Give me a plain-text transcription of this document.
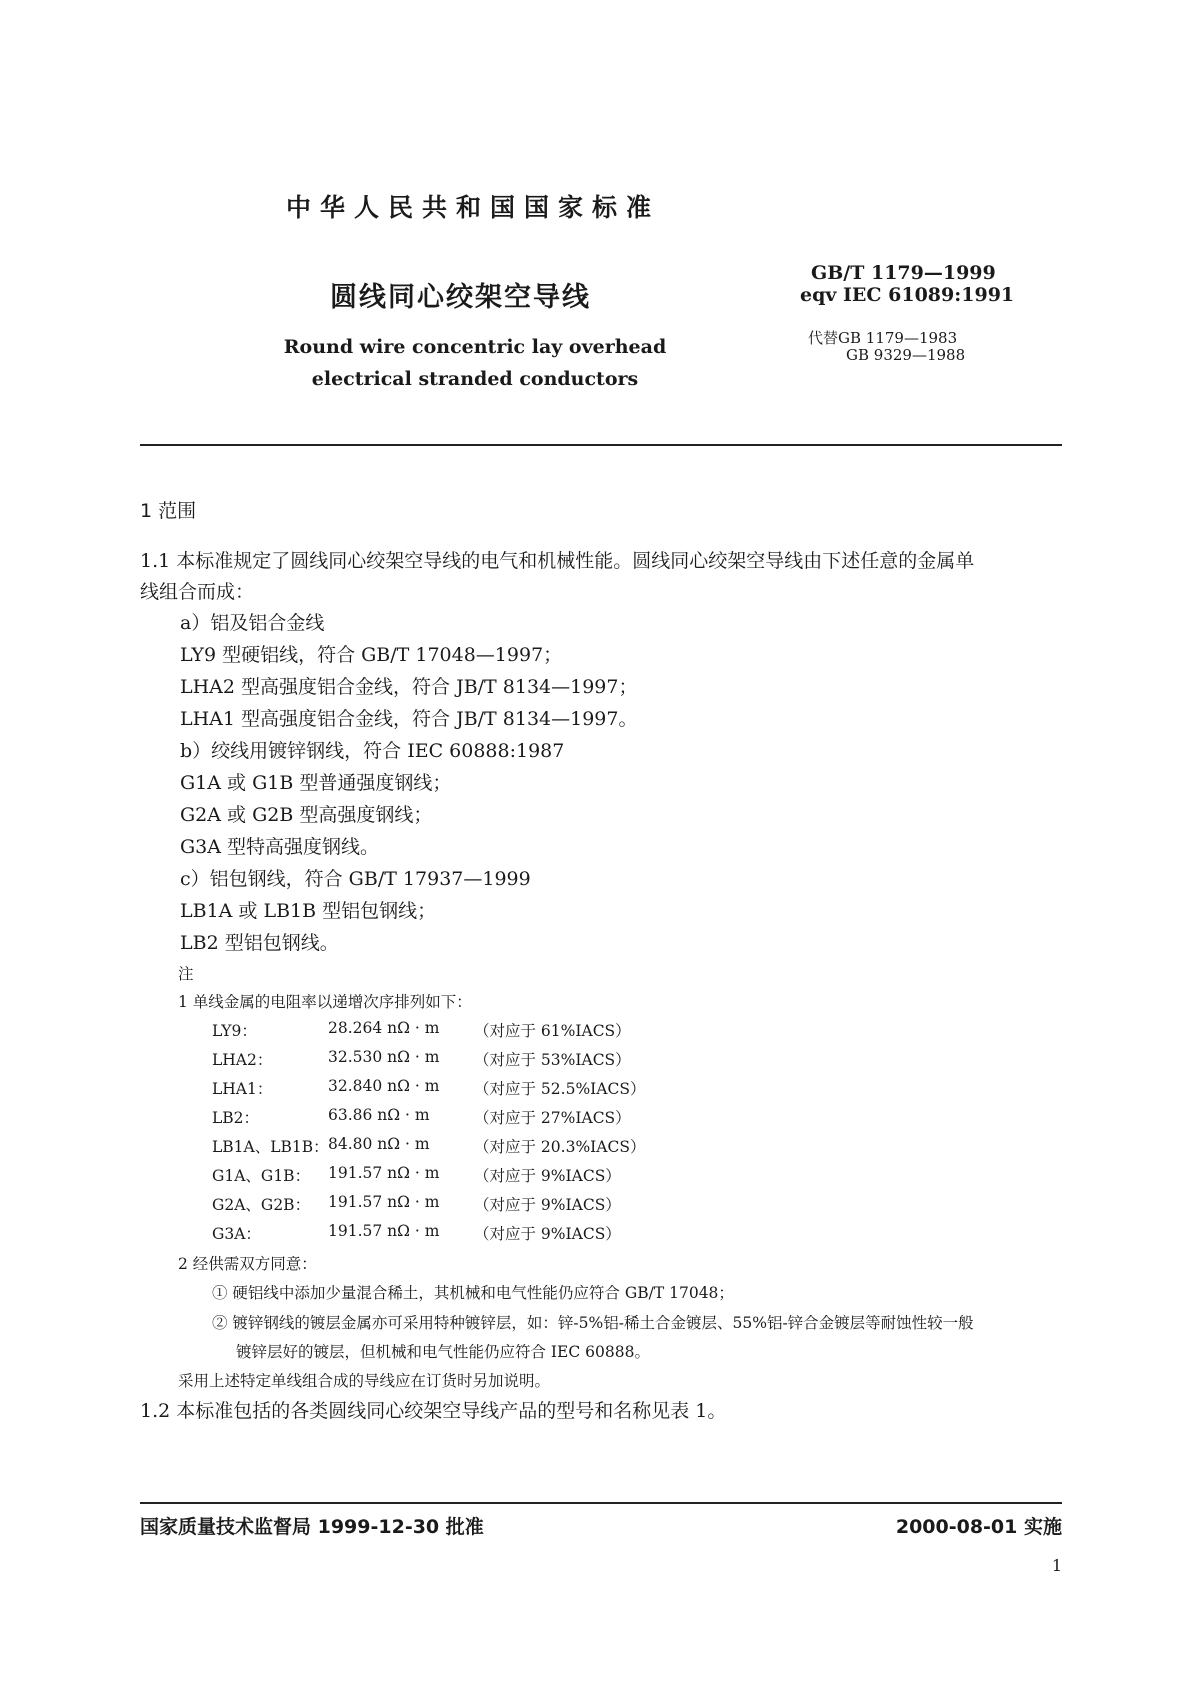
中华人民共和国国家标准
圆线同心绞架空导线
Round wire concentric lay overhead
electrical stranded conductors
GB/T 1179—1999
eqv IEC 61089:1991
代替GB 1179—1983
GB 9329—1988
1 范围
1.1 本标准规定了圆线同心绞架空导线的电气和机械性能。圆线同心绞架空导线由下述任意的金属单
线组合而成：
a）铝及铝合金线
LY9 型硬铝线，符合 GB/T 17048—1997；
LHA2 型高强度铝合金线，符合 JB/T 8134—1997；
LHA1 型高强度铝合金线，符合 JB/T 8134—1997。
b）绞线用镀锌钢线，符合 IEC 60888:1987
G1A 或 G1B 型普通强度钢线；
G2A 或 G2B 型高强度钢线；
G3A 型特高强度钢线。
c）铝包钢线，符合 GB/T 17937—1999
LB1A 或 LB1B 型铝包钢线；
LB2 型铝包钢线。
注
1 单线金属的电阻率以递增次序排列如下：
LY9：	28.264 nΩ · m （对应于 61%IACS）
LHA2：	32.530 nΩ · m （对应于 53%IACS）
LHA1：	32.840 nΩ · m （对应于 52.5%IACS）
LB2：	63.86 nΩ · m	（对应于 27%IACS）
LB1A、LB1B： 84.80 nΩ · m	（对应于 20.3%IACS）
G1A、G1B： 191.57 nΩ · m （对应于 9%IACS）
G2A、G2B： 191.57 nΩ · m （对应于 9%IACS）
G3A：	191.57 nΩ · m （对应于 9%IACS）
2 经供需双方同意：
① 硬铝线中添加少量混合稀土，其机械和电气性能仍应符合 GB/T 17048；
② 镀锌钢线的镀层金属亦可采用特种镀锌层，如：锌-5%铝-稀土合金镀层、55%铝-锌合金镀层等耐蚀性较一般
镀锌层好的镀层，但机械和电气性能仍应符合 IEC 60888。
采用上述特定单线组合成的导线应在订货时另加说明。
1.2 本标准包括的各类圆线同心绞架空导线产品的型号和名称见表 1。
国家质量技术监督局 1999-12-30 批准	2000-08-01 实施
1
